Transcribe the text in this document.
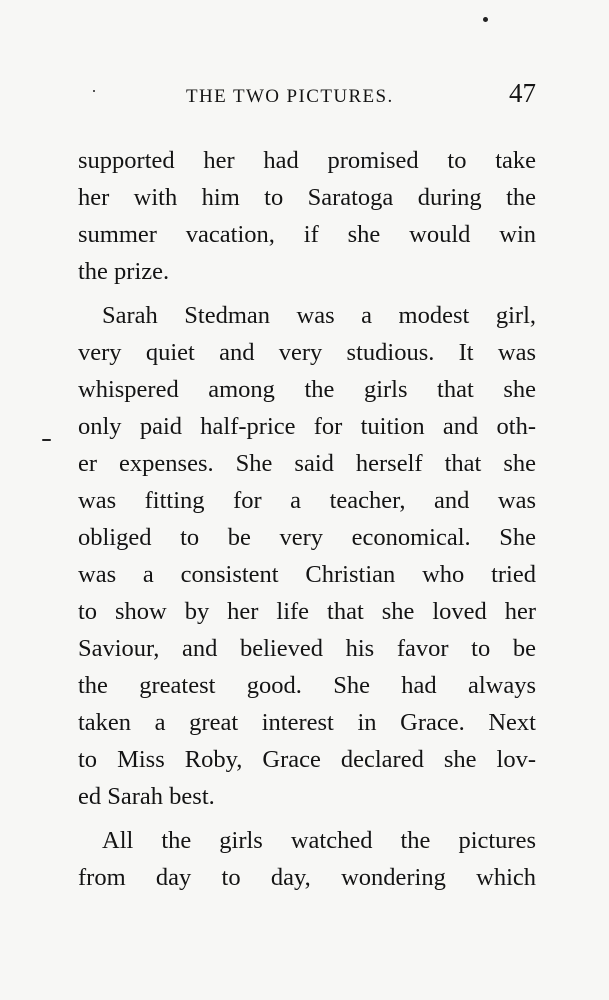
THE TWO PICTURES.	47
supported her had promised to take
her with him to Saratoga during the
summer vacation, if she would win
the prize.
Sarah Stedman was a modest girl,
very quiet and very studious. It was
whispered among the girls that she
only paid half-price for tuition and oth-
er expenses. She said herself that she
was fitting for a teacher, and was
obliged to be very economical. She
was a consistent Christian who tried
to show by her life that she loved her
Saviour, and believed his favor to be
the greatest good. She had always
taken a great interest in Grace. Next
to Miss Roby, Grace declared she lov-
ed Sarah best.
All the girls watched the pictures
from day to day, wondering which
